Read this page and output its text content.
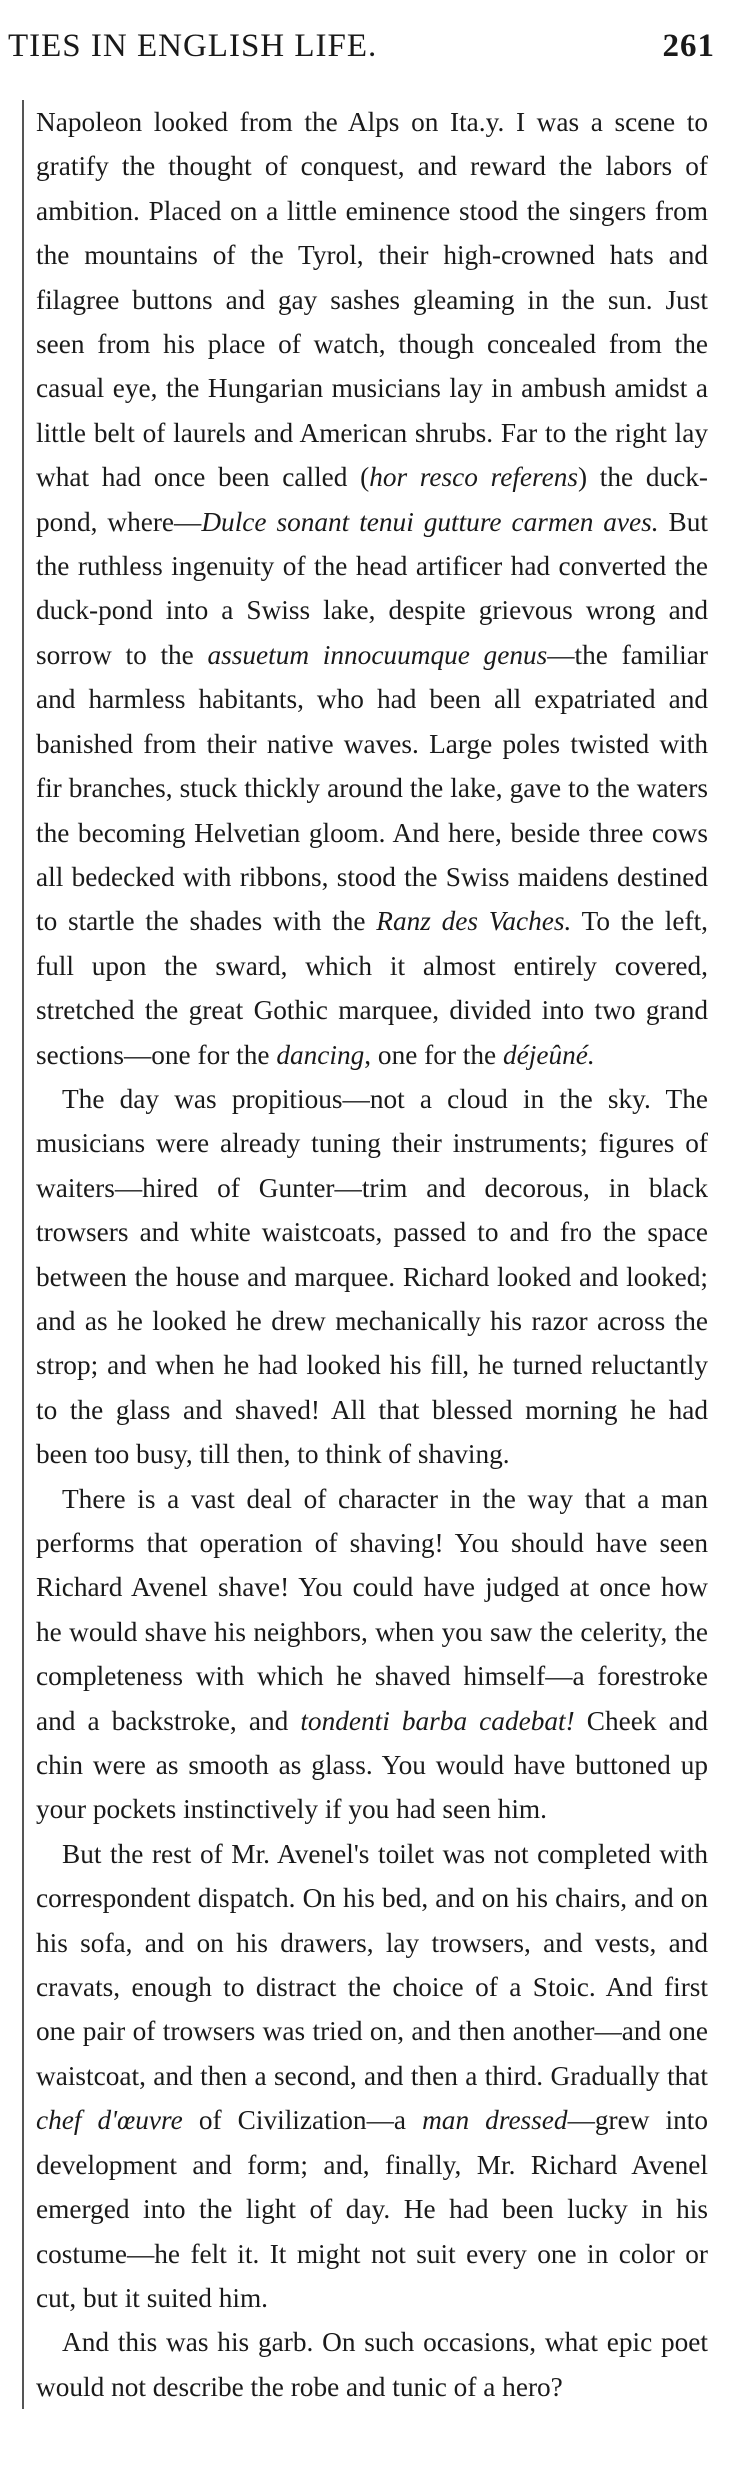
TIES IN ENGLISH LIFE.	261

Napoleon looked from the Alps on Ita.y. I was a scene to gratify the thought of conquest, and reward the labors of ambition. Placed on a little eminence stood the singers from the mountains of the Tyrol, their high-crowned hats and filagree buttons and gay sashes gleaming in the sun. Just seen from his place of watch, though concealed from the casual eye, the Hungarian musicians lay in ambush amidst a little belt of laurels and American shrubs. Far to the right lay what had once been called (hor resco referens) the duck-pond, where—Dulce sonant tenui gutture carmen aves. But the ruthless ingenuity of the head artificer had converted the duck-pond into a Swiss lake, despite grievous wrong and sorrow to the assuetum innocuumque genus—the familiar and harmless habitants, who had been all expatriated and banished from their native waves. Large poles twisted with fir branches, stuck thickly around the lake, gave to the waters the becoming Helvetian gloom. And here, beside three cows all bedecked with ribbons, stood the Swiss maidens destined to startle the shades with the Ranz des Vaches. To the left, full upon the sward, which it almost entirely covered, stretched the great Gothic marquee, divided into two grand sections—one for the dancing, one for the déjeûné.

The day was propitious—not a cloud in the sky. The musicians were already tuning their instruments; figures of waiters—hired of Gunter—trim and decorous, in black trowsers and white waistcoats, passed to and fro the space between the house and marquee. Richard looked and looked; and as he looked he drew mechanically his razor across the strop; and when he had looked his fill, he turned reluctantly to the glass and shaved! All that blessed morning he had been too busy, till then, to think of shaving.

There is a vast deal of character in the way that a man performs that operation of shaving! You should have seen Richard Avenel shave! You could have judged at once how he would shave his neighbors, when you saw the celerity, the completeness with which he shaved himself—a forestroke and a backstroke, and tondenti barba cadebat! Cheek and chin were as smooth as glass. You would have buttoned up your pockets instinctively if you had seen him.

But the rest of Mr. Avenel's toilet was not completed with correspondent dispatch. On his bed, and on his chairs, and on his sofa, and on his drawers, lay trowsers, and vests, and cravats, enough to distract the choice of a Stoic. And first one pair of trowsers was tried on, and then another—and one waistcoat, and then a second, and then a third. Gradually that chef d'œuvre of Civilization—a man dressed—grew into development and form; and, finally, Mr. Richard Avenel emerged into the light of day. He had been lucky in his costume—he felt it. It might not suit every one in color or cut, but it suited him.

And this was his garb. On such occasions, what epic poet would not describe the robe and tunic of a hero?
